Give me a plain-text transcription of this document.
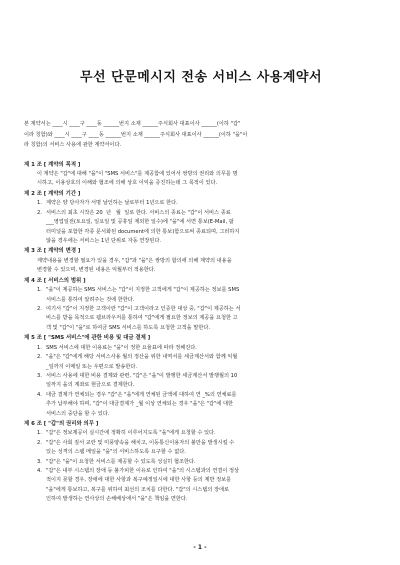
무선 단문메시지 전송 서비스 사용계약서
본 계약서는 ____시 ____구 ____동 ______번지 소재 ______주식회사 대표이사 ______(이하 "갑"
이라 칭함)와 ____시 ____구 ____동 ______번지 소재 ______주식회사 대표이사 ______(이하 "을"이
라 칭함)의 서비스 사용에 관한 계약서이다.
제 1 조 [ 계약의 목적 ]
이 계약은 "갑"에 대해 "을"이 "SMS 서비스"를 제공함에 있어서 쌍방의 권리와 의무를 명
시하고, 이용상호의 이해와 협조에 의해 상호 이익을 증진하는데 그 목적이 있다.
제 2 조 [ 계약의 기간 ]
1. 계약은 양 당사자가 서명 날인하는 날로부터 1년으로 한다.
2. 서비스의 최초 시작은 20  년   월  일로 한다. 서비스의 종료는 "갑"이 서비스 종료
___영업일전(토요일, 일요일 및 공휴일 제외한 일수)에 "을"에 서면 통보(E-Mail, 팜
터미널을 포함한 각종 문서화된 document에 의한 통보)함으로써 종료되며, 그러하지
않을 경우에는 서비스는 1년 단위로 자동 연장된다.
제 3 조 [ 계약의 변경 ]
계약내용을 변경할 필요가 있을 경우, "갑"과 "을"은 쌍방의 합의에 의해 계약의 내용을
변경할 수 있으며, 변경된 내용은 익월부터 적용한다.
제 4 조 [ 서비스의 범위 ]
1. "을"이 제공하는 SMS 서비스는 "갑"이 지정한 고객에게 "갑"이 제공하는 정보를 SMS
서비스를 통하여 알려주는 것에 한한다.
2. 여기서 "갑"이 지정한 고객이란 "갑"이 고객이라고 인증한 대상 중, "갑"이 제공하는 서
비스를 받을 목적으로 웹브라우저를 통하여 "갑"에게 필요한 정보의 제공을 요청한 고
객 및 "갑"이 "을"로 하여금 SMS 서비스를 하도록 요청한 고객을 말한다.
제 5 조 [ "SMS 서비스"에 관한 비용 및 대금 결제 ]
1. SMS 서비스에 대한 이용료는 "을"이 정한 요율표에 따라 정해진다.
2. "을"은 "갑"에게 해당 서비스사용 월의 정산을 위한 내역서를 세금계산서와 함께 익월
_일까지 이메일 또는 우편으로 발송한다.
3. 서비스 사용에 대한 비용 결제와 관련, "갑"은 "을"이 발행한 세금계산서 발행월의 10
일까지 을의 계좌로 현금으로 결제한다.
4. 대금 결제가 연체되는 경우 "갑"은 "을"에게 연체된 금액에 대하여 연 _%의 연체료를
추가 납부해야 하며, "갑"이 대금결제가 _월 이상 연체되는 경우 "을"은 "갑"에 대한
서비스의 중단을 할 수 있다.
제 6 조 [ "갑"의 권리와 의무 ]
1. "갑"은 정보제공이 실시간에 정확히 이루어지도록 "을"에게 요청할 수 있다.
2. "갑"은 사회 질서 교란 및 미풍양속을 해치고, 이동통신이용자의 불만을 발생시킬 수
있는 성격의 스팸 메일을 "을"의 서비스하도록 요구할 수 없다.
3. "갑"은 "을"이 요청한 서비스를 제공할 수 있도록 성실히 협조한다.
4. "갑"은 내부 시스템의 장애 등 불가피한 이유로 인하여 "을"의 시스템과의 연결이 정상
적이지 못할 경우, 장애에 대한 사항과 복구예정일시에 대한 사항 등의 제반 정보를
"을"에게 통보하고, 복구를 위하여 최선의 조치를 다한다. "갑"의 시스템의 장애로
인하여 발생하는 연사상의 손해배상에서 "을"은 책임을 면한다.
- 1 -
